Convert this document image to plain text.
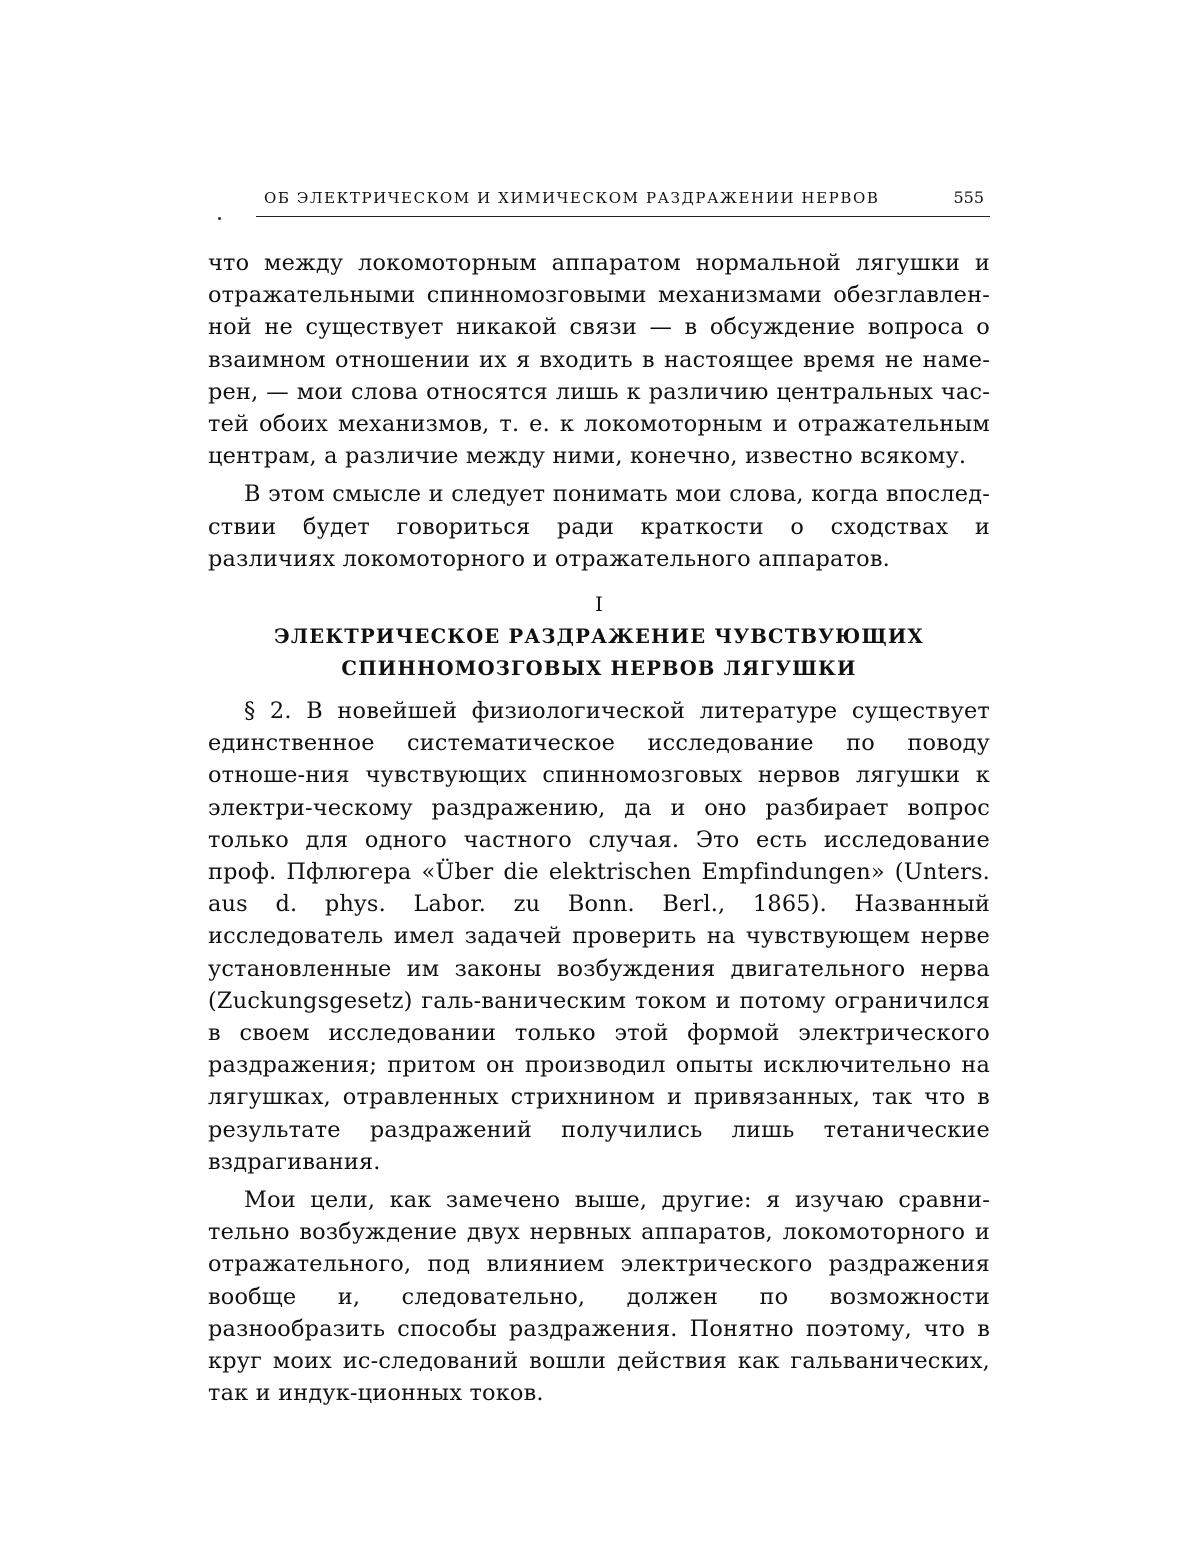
ОБ ЭЛЕКТРИЧЕСКОМ И ХИМИЧЕСКОМ РАЗДРАЖЕНИИ НЕРВОВ	555

что между локомоторным аппаратом нормальной лягушки и отражательными спинномозговыми механизмами обезглавлен-ной не существует никакой связи — в обсуждение вопроса о взаимном отношении их я входить в настоящее время не наме-рен, — мои слова относятся лишь к различию центральных час-тей обоих механизмов, т. е. к локомоторным и отражательным центрам, а различие между ними, конечно, известно всякому.

В этом смысле и следует понимать мои слова, когда впослед-ствии будет говориться ради краткости о сходствах и различиях локомоторного и отражательного аппаратов.

I
ЭЛЕКТРИЧЕСКОЕ РАЗДРАЖЕНИЕ ЧУВСТВУЮЩИХ
СПИННОМОЗГОВЫХ НЕРВОВ ЛЯГУШКИ

§ 2. В новейшей физиологической литературе существует единственное систематическое исследование по поводу отноше-ния чувствующих спинномозговых нервов лягушки к электри-ческому раздражению, да и оно разбирает вопрос только для одного частного случая. Это есть исследование проф. Пфлюгера «Über die elektrischen Empfindungen» (Unters. aus d. phys. Labor. zu Bonn. Berl., 1865). Названный исследователь имел задачей проверить на чувствующем нерве установленные им законы возбуждения двигательного нерва (Zuckungsgesetz) галь-ваническим током и потому ограничился в своем исследовании только этой формой электрического раздражения; притом он производил опыты исключительно на лягушках, отравленных стрихнином и привязанных, так что в результате раздражений получились лишь тетанические вздрагивания.

Мои цели, как замечено выше, другие: я изучаю сравни-тельно возбуждение двух нервных аппаратов, локомоторного и отражательного, под влиянием электрического раздражения вообще и, следовательно, должен по возможности разнообразить способы раздражения. Понятно поэтому, что в круг моих ис-следований вошли действия как гальванических, так и индук-ционных токов.
